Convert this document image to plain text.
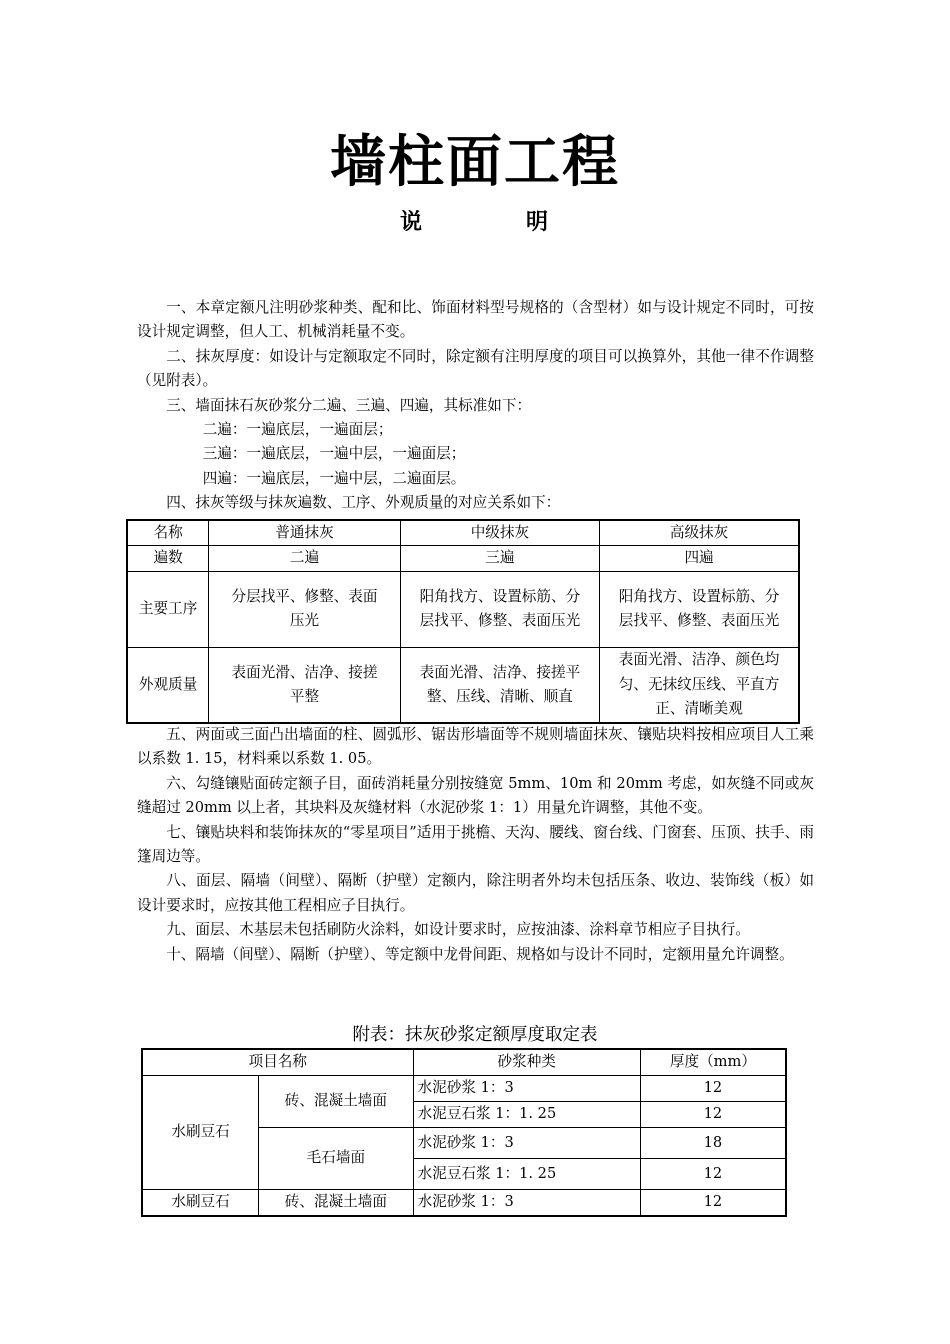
墙柱面工程
说	明

一、本章定额凡注明砂浆种类、配和比、饰面材料型号规格的（含型材）如与设计规定不同时，可按设计规定调整，但人工、机械消耗量不变。

二、抹灰厚度：如设计与定额取定不同时，除定额有注明厚度的项目可以换算外，其他一律不作调整（见附表）。

三、墙面抹石灰砂浆分二遍、三遍、四遍，其标准如下：

二遍：一遍底层，一遍面层；

三遍：一遍底层，一遍中层，一遍面层；

四遍：一遍底层，一遍中层，二遍面层。

四、抹灰等级与抹灰遍数、工序、外观质量的对应关系如下：

名称	普通抹灰	中级抹灰	高级抹灰
遍数	二遍	三遍	四遍
主要工序	分层找平、修整、表面压光	阳角找方、设置标筋、分层找平、修整、表面压光	阳角找方、设置标筋、分层找平、修整、表面压光
外观质量	表面光滑、洁净、接搓平整	表面光滑、洁净、接搓平整、压线、清晰、顺直	表面光滑、洁净、颜色均匀、无抹纹压线、平直方正、清晰美观

五、两面或三面凸出墙面的柱、圆弧形、锯齿形墙面等不规则墙面抹灰、镶贴块料按相应项目人工乘以系数 1. 15，材料乘以系数 1. 05。

六、勾缝镶贴面砖定额子目，面砖消耗量分别按缝宽 5mm、10m 和 20mm 考虑，如灰缝不同或灰缝超过 20mm 以上者，其块料及灰缝材料（水泥砂浆 1：1）用量允许调整，其他不变。

七、镶贴块料和装饰抹灰的“零星项目”适用于挑檐、天沟、腰线、窗台线、门窗套、压顶、扶手、雨篷周边等。

八、面层、隔墙（间壁）、隔断（护壁）定额内，除注明者外均未包括压条、收边、装饰线（板）如设计要求时，应按其他工程相应子目执行。

九、面层、木基层未包括刷防火涂料，如设计要求时，应按油漆、涂料章节相应子目执行。

十、隔墙（间壁）、隔断（护壁）、等定额中龙骨间距、规格如与设计不同时，定额用量允许调整。

附表：抹灰砂浆定额厚度取定表
项目名称		砂浆种类	厚度（mm）
水刷豆石	砖、混凝土墙面	水泥砂浆 1：3	12
		水泥豆石浆 1：1. 25	12
	毛石墙面	水泥砂浆 1：3	18
		水泥豆石浆 1：1. 25	12
水刷豆石	砖、混凝土墙面	水泥砂浆 1：3	12
